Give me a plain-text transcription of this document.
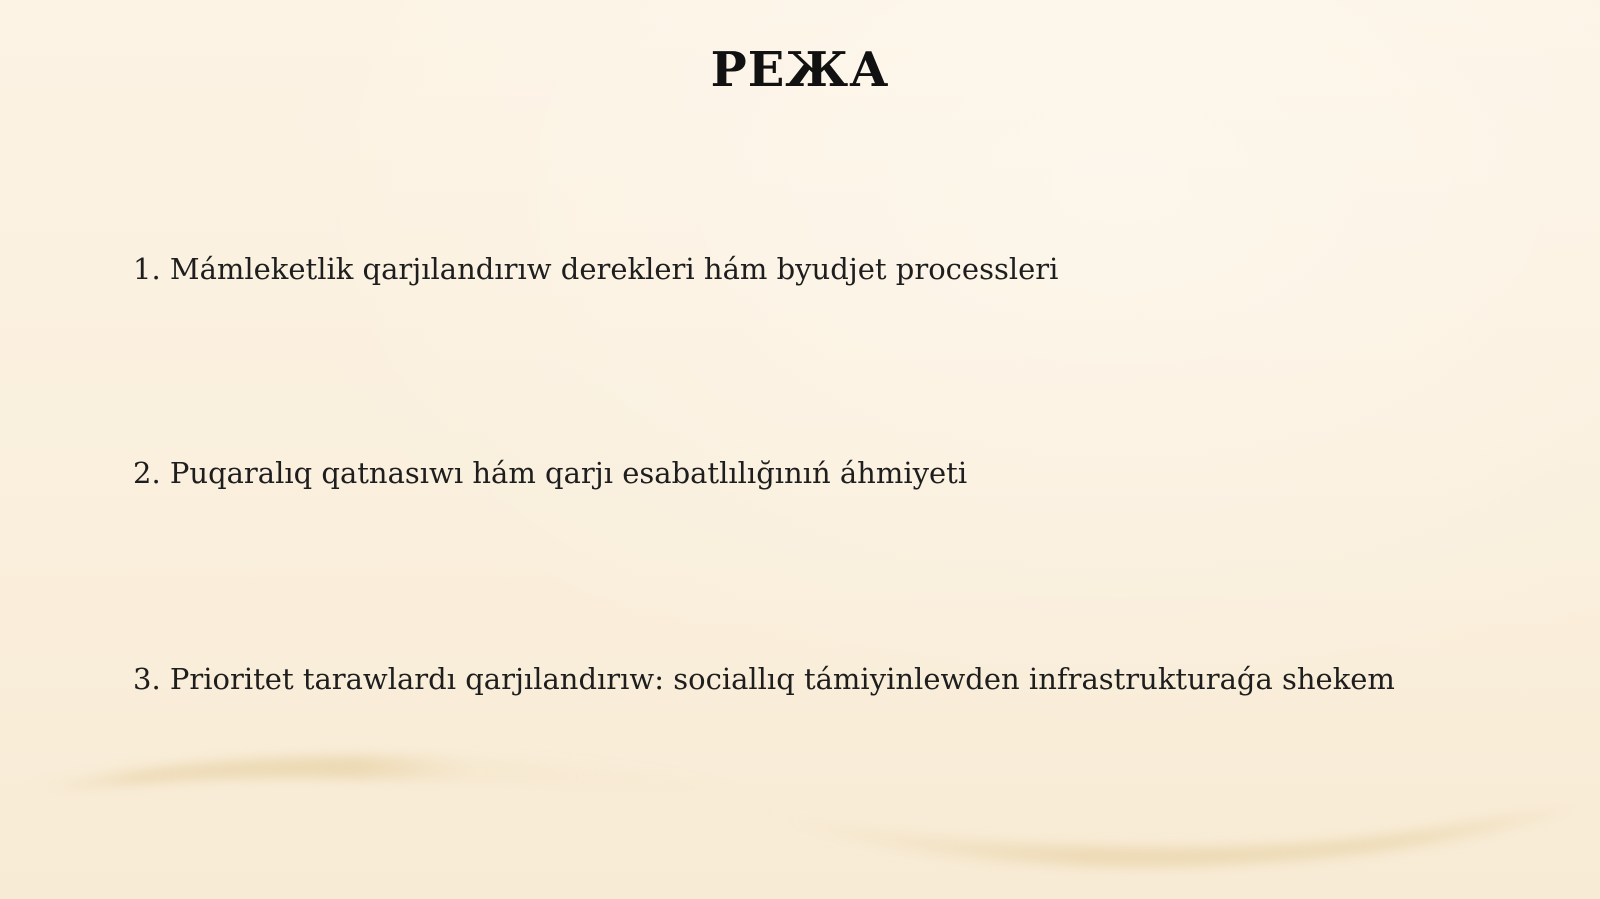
РЕЖА
1. Mámleketlik qarjılandırıw derekleri hám byudjet processleri
2. Puqaralıq qatnasıwı hám qarjı esabatlılığınıń áhmiyeti
3. Prioritet tarawlardı qarjılandırıw: sociallıq támiyinlewden infrastrukturaǵa shekem
